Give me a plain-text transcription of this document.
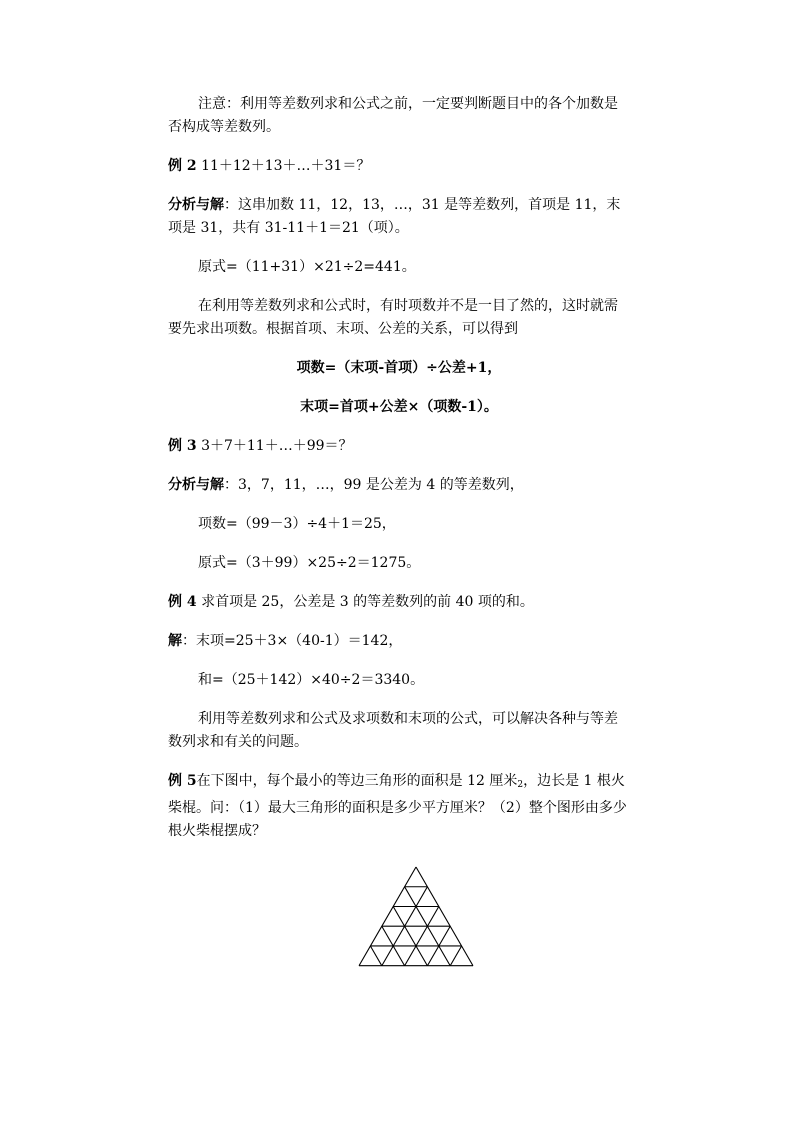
注意：利用等差数列求和公式之前，一定要判断题目中的各个加数是否构成等差数列。

例 2 11＋12＋13＋…＋31＝？

分析与解：这串加数 11，12，13，…，31 是等差数列，首项是 11，末项是 31，共有 31-11＋1＝21（项）。

原式=（11+31）×21÷2=441。

在利用等差数列求和公式时，有时项数并不是一目了然的，这时就需要先求出项数。根据首项、末项、公差的关系，可以得到

项数=（末项-首项）÷公差+1，

末项=首项+公差×（项数-1）。

例 3 3＋7＋11＋…＋99＝？

分析与解：3，7，11，…，99 是公差为 4 的等差数列，

项数=（99－3）÷4＋1＝25，

原式=（3＋99）×25÷2＝1275。

例 4 求首项是 25，公差是 3 的等差数列的前 40 项的和。

解：末项=25＋3×（40-1）＝142，

和=（25＋142）×40÷2＝3340。

利用等差数列求和公式及求项数和末项的公式，可以解决各种与等差数列求和有关的问题。

例 5在下图中，每个最小的等边三角形的面积是 12 厘米$_2$，边长是 1 根火柴棍。问：（1）最大三角形的面积是多少平方厘米？（2）整个图形由多少根火柴棍摆成？
